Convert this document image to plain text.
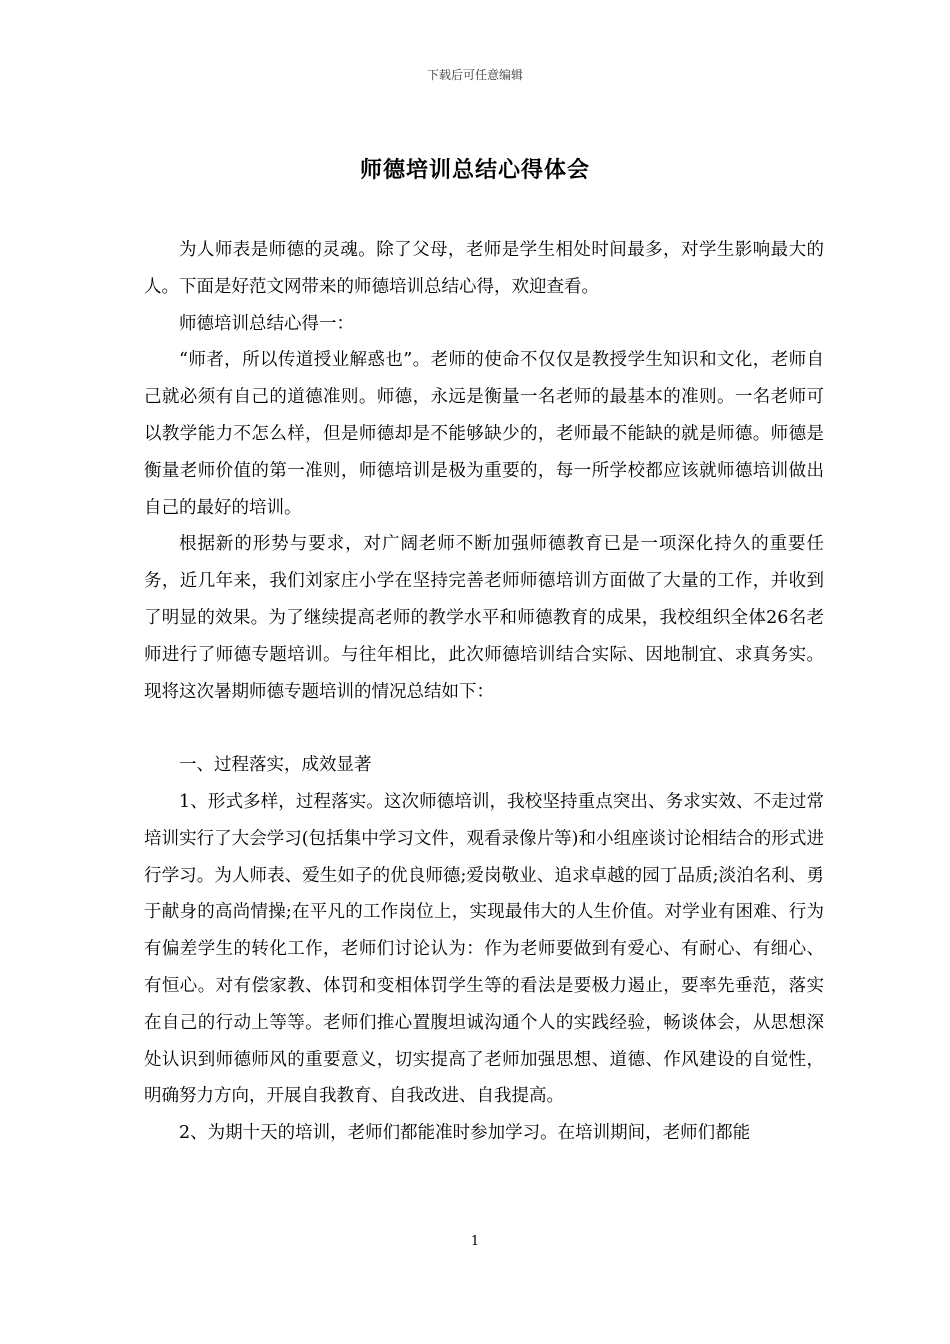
下载后可任意编辑
师德培训总结心得体会

为人师表是师德的灵魂。除了父母，老师是学生相处时间最多，对学生影响最大的人。下面是好范文网带来的师德培训总结心得，欢迎查看。

师德培训总结心得一：

“师者，所以传道授业解惑也”。老师的使命不仅仅是教授学生知识和文化，老师自己就必须有自己的道德准则。师德，永远是衡量一名老师的最基本的准则。一名老师可以教学能力不怎么样，但是师德却是不能够缺少的，老师最不能缺的就是师德。师德是衡量老师价值的第一准则，师德培训是极为重要的，每一所学校都应该就师德培训做出自己的最好的培训。

根据新的形势与要求，对广阔老师不断加强师德教育已是一项深化持久的重要任务，近几年来，我们刘家庄小学在坚持完善老师师德培训方面做了大量的工作，并收到了明显的效果。为了继续提高老师的教学水平和师德教育的成果，我校组织全体26名老师进行了师德专题培训。与往年相比，此次师德培训结合实际、因地制宜、求真务实。现将这次暑期师德专题培训的情况总结如下：

一、过程落实，成效显著

1、形式多样，过程落实。这次师德培训，我校坚持重点突出、务求实效、不走过常培训实行了大会学习(包括集中学习文件，观看录像片等)和小组座谈讨论相结合的形式进行学习。为人师表、爱生如子的优良师德;爱岗敬业、追求卓越的园丁品质;淡泊名利、勇于献身的高尚情操;在平凡的工作岗位上，实现最伟大的人生价值。对学业有困难、行为有偏差学生的转化工作，老师们讨论认为：作为老师要做到有爱心、有耐心、有细心、有恒心。对有偿家教、体罚和变相体罚学生等的看法是要极力遏止，要率先垂范，落实在自己的行动上等等。老师们推心置腹坦诚沟通个人的实践经验，畅谈体会，从思想深处认识到师德师风的重要意义，切实提高了老师加强思想、道德、作风建设的自觉性，明确努力方向，开展自我教育、自我改进、自我提高。

2、为期十天的培训，老师们都能准时参加学习。在培训期间，老师们都能

1
